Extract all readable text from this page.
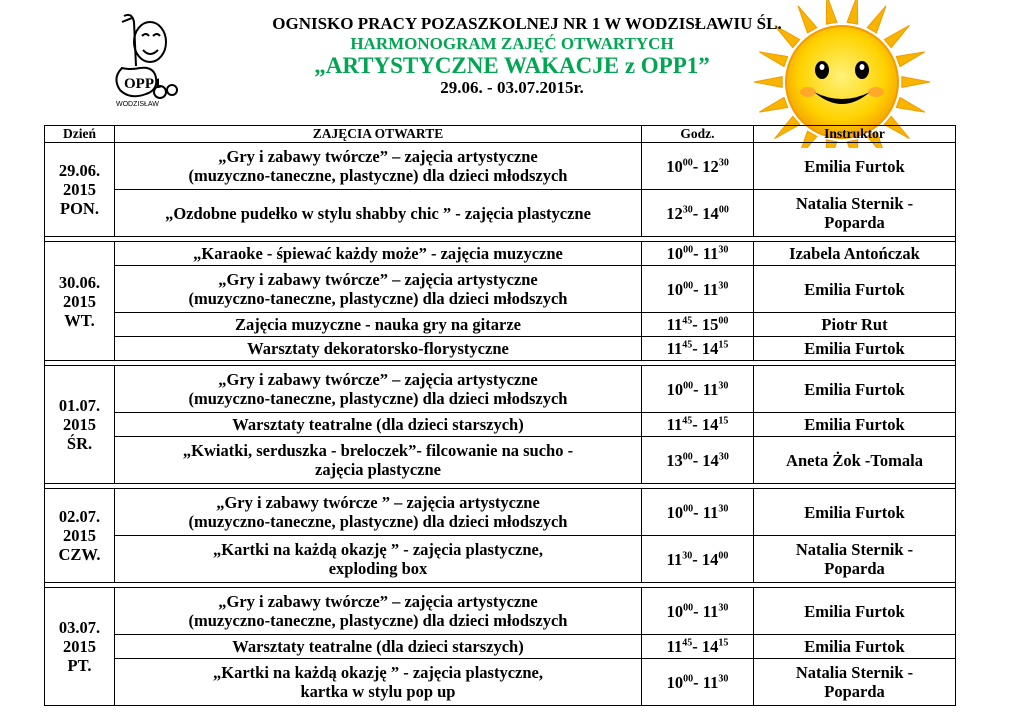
OPP1
WODZISŁAW
OGNISKO PRACY POZASZKOLNEJ NR 1 W WODZISŁAWIU ŚL.
HARMONOGRAM ZAJĘĆ OTWARTYCH
„ARTYSTYCZNE WAKACJE z OPP1”
29.06. - 03.07.2015r.
Dzień	ZAJĘCIA OTWARTE	Godz.	Instruktor
29.06.
2015
PON.	„Gry i zabawy twórcze” – zajęcia artystyczne
(muzyczno-taneczne, plastyczne) dla dzieci młodszych	$10^{00}-$ $12^{30}$	Emilia Furtok
	„Ozdobne pudełko w stylu shabby chic ” - zajęcia plastyczne	$12^{30}-$ $14^{00}$	Natalia Sternik -
Poparda

30.06.
2015
WT.	„Karaoke - śpiewać każdy może” - zajęcia muzyczne	$10^{00}-$ $11^{30}$	Izabela Antończak
	„Gry i zabawy twórcze” – zajęcia artystyczne
(muzyczno-taneczne, plastyczne) dla dzieci młodszych	$10^{00}-$ $11^{30}$	Emilia Furtok
	Zajęcia muzyczne - nauka gry na gitarze	$11^{45}-$ $15^{00}$	Piotr Rut
	Warsztaty dekoratorsko-florystyczne	$11^{45}-$ $14^{15}$	Emilia Furtok

01.07.
2015
ŚR.	„Gry i zabawy twórcze” – zajęcia artystyczne
(muzyczno-taneczne, plastyczne) dla dzieci młodszych	$10^{00}-$ $11^{30}$	Emilia Furtok
	Warsztaty teatralne (dla dzieci starszych)	$11^{45}-$ $14^{15}$	Emilia Furtok
	„Kwiatki, serduszka - breloczek”- filcowanie na sucho -
zajęcia plastyczne	$13^{00}-$ $14^{30}$	Aneta Żok -Tomala

02.07.
2015
CZW.	„Gry i zabawy twórcze ” – zajęcia artystyczne
(muzyczno-taneczne, plastyczne) dla dzieci młodszych	$10^{00}-$ $11^{30}$	Emilia Furtok
	„Kartki na każdą okazję ” - zajęcia plastyczne,
exploding box	$11^{30}-$ $14^{00}$	Natalia Sternik -
Poparda

03.07.
2015
PT.	„Gry i zabawy twórcze” – zajęcia artystyczne
(muzyczno-taneczne, plastyczne) dla dzieci młodszych	$10^{00}-$ $11^{30}$	Emilia Furtok
	Warsztaty teatralne (dla dzieci starszych)	$11^{45}-$ $14^{15}$	Emilia Furtok
	„Kartki na każdą okazję ” - zajęcia plastyczne,
kartka w stylu pop up	$10^{00}-$ $11^{30}$	Natalia Sternik -
Poparda
